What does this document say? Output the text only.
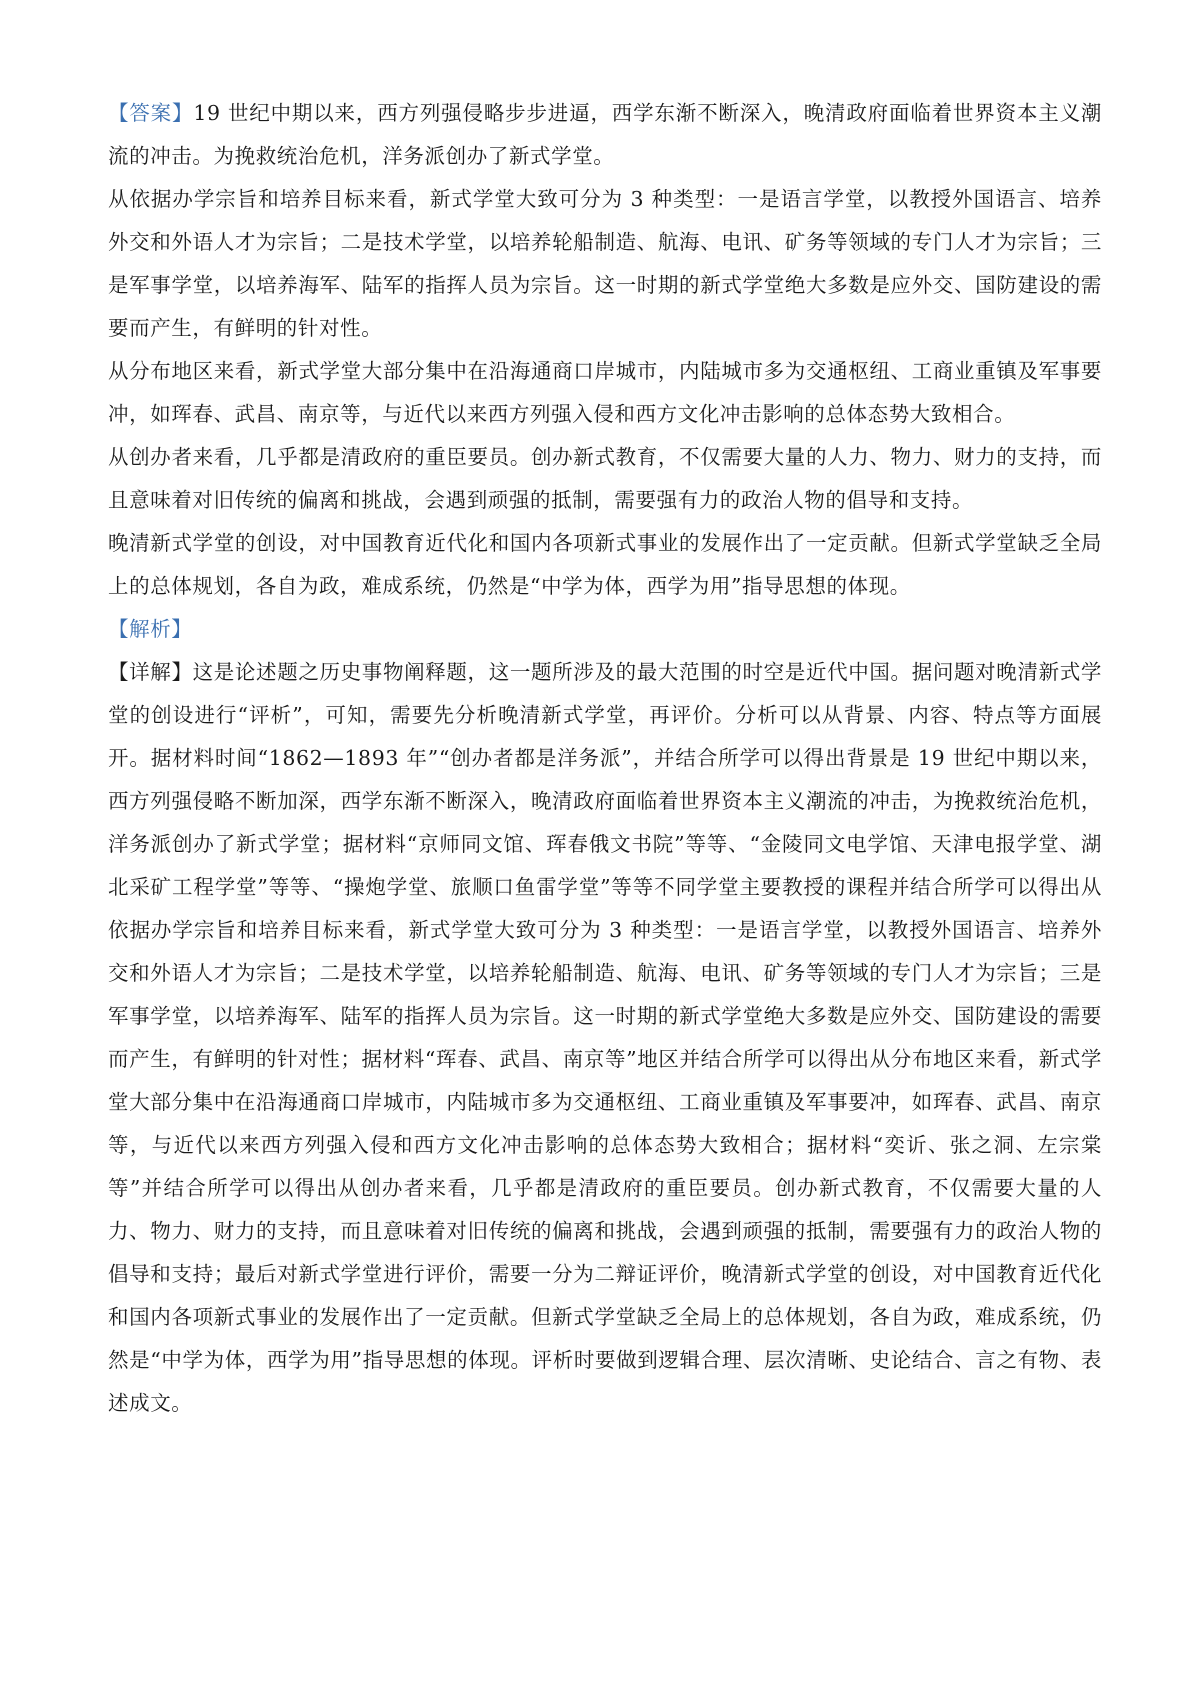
【答案】19 世纪中期以来，西方列强侵略步步进逼，西学东渐不断深入，晚清政府面临着世界资本主义潮流的冲击。为挽救统治危机，洋务派创办了新式学堂。

从依据办学宗旨和培养目标来看，新式学堂大致可分为 3 种类型：一是语言学堂，以教授外国语言、培养外交和外语人才为宗旨；二是技术学堂，以培养轮船制造、航海、电讯、矿务等领域的专门人才为宗旨；三是军事学堂，以培养海军、陆军的指挥人员为宗旨。这一时期的新式学堂绝大多数是应外交、国防建设的需要而产生，有鲜明的针对性。

从分布地区来看，新式学堂大部分集中在沿海通商口岸城市，内陆城市多为交通枢纽、工商业重镇及军事要冲，如珲春、武昌、南京等，与近代以来西方列强入侵和西方文化冲击影响的总体态势大致相合。

从创办者来看，几乎都是清政府的重臣要员。创办新式教育，不仅需要大量的人力、物力、财力的支持，而且意味着对旧传统的偏离和挑战，会遇到顽强的抵制，需要强有力的政治人物的倡导和支持。

晚清新式学堂的创设，对中国教育近代化和国内各项新式事业的发展作出了一定贡献。但新式学堂缺乏全局上的总体规划，各自为政，难成系统，仍然是“中学为体，西学为用”指导思想的体现。

【解析】

【详解】这是论述题之历史事物阐释题，这一题所涉及的最大范围的时空是近代中国。据问题对晚清新式学堂的创设进行“评析”，可知，需要先分析晚清新式学堂，再评价。分析可以从背景、内容、特点等方面展开。据材料时间“1862—1893 年”“创办者都是洋务派”，并结合所学可以得出背景是 19 世纪中期以来，西方列强侵略不断加深，西学东渐不断深入，晚清政府面临着世界资本主义潮流的冲击，为挽救统治危机，洋务派创办了新式学堂；据材料“京师同文馆、珲春俄文书院”等等、“金陵同文电学馆、天津电报学堂、湖北采矿工程学堂”等等、“操炮学堂、旅顺口鱼雷学堂”等等不同学堂主要教授的课程并结合所学可以得出从依据办学宗旨和培养目标来看，新式学堂大致可分为 3 种类型：一是语言学堂，以教授外国语言、培养外交和外语人才为宗旨；二是技术学堂，以培养轮船制造、航海、电讯、矿务等领域的专门人才为宗旨；三是军事学堂，以培养海军、陆军的指挥人员为宗旨。这一时期的新式学堂绝大多数是应外交、国防建设的需要而产生，有鲜明的针对性；据材料“珲春、武昌、南京等”地区并结合所学可以得出从分布地区来看，新式学堂大部分集中在沿海通商口岸城市，内陆城市多为交通枢纽、工商业重镇及军事要冲，如珲春、武昌、南京等，与近代以来西方列强入侵和西方文化冲击影响的总体态势大致相合；据材料“奕䜣、张之洞、左宗棠等”并结合所学可以得出从创办者来看，几乎都是清政府的重臣要员。创办新式教育，不仅需要大量的人力、物力、财力的支持，而且意味着对旧传统的偏离和挑战，会遇到顽强的抵制，需要强有力的政治人物的倡导和支持；最后对新式学堂进行评价，需要一分为二辩证评价，晚清新式学堂的创设，对中国教育近代化和国内各项新式事业的发展作出了一定贡献。但新式学堂缺乏全局上的总体规划，各自为政，难成系统，仍然是“中学为体，西学为用”指导思想的体现。评析时要做到逻辑合理、层次清晰、史论结合、言之有物、表述成文。
